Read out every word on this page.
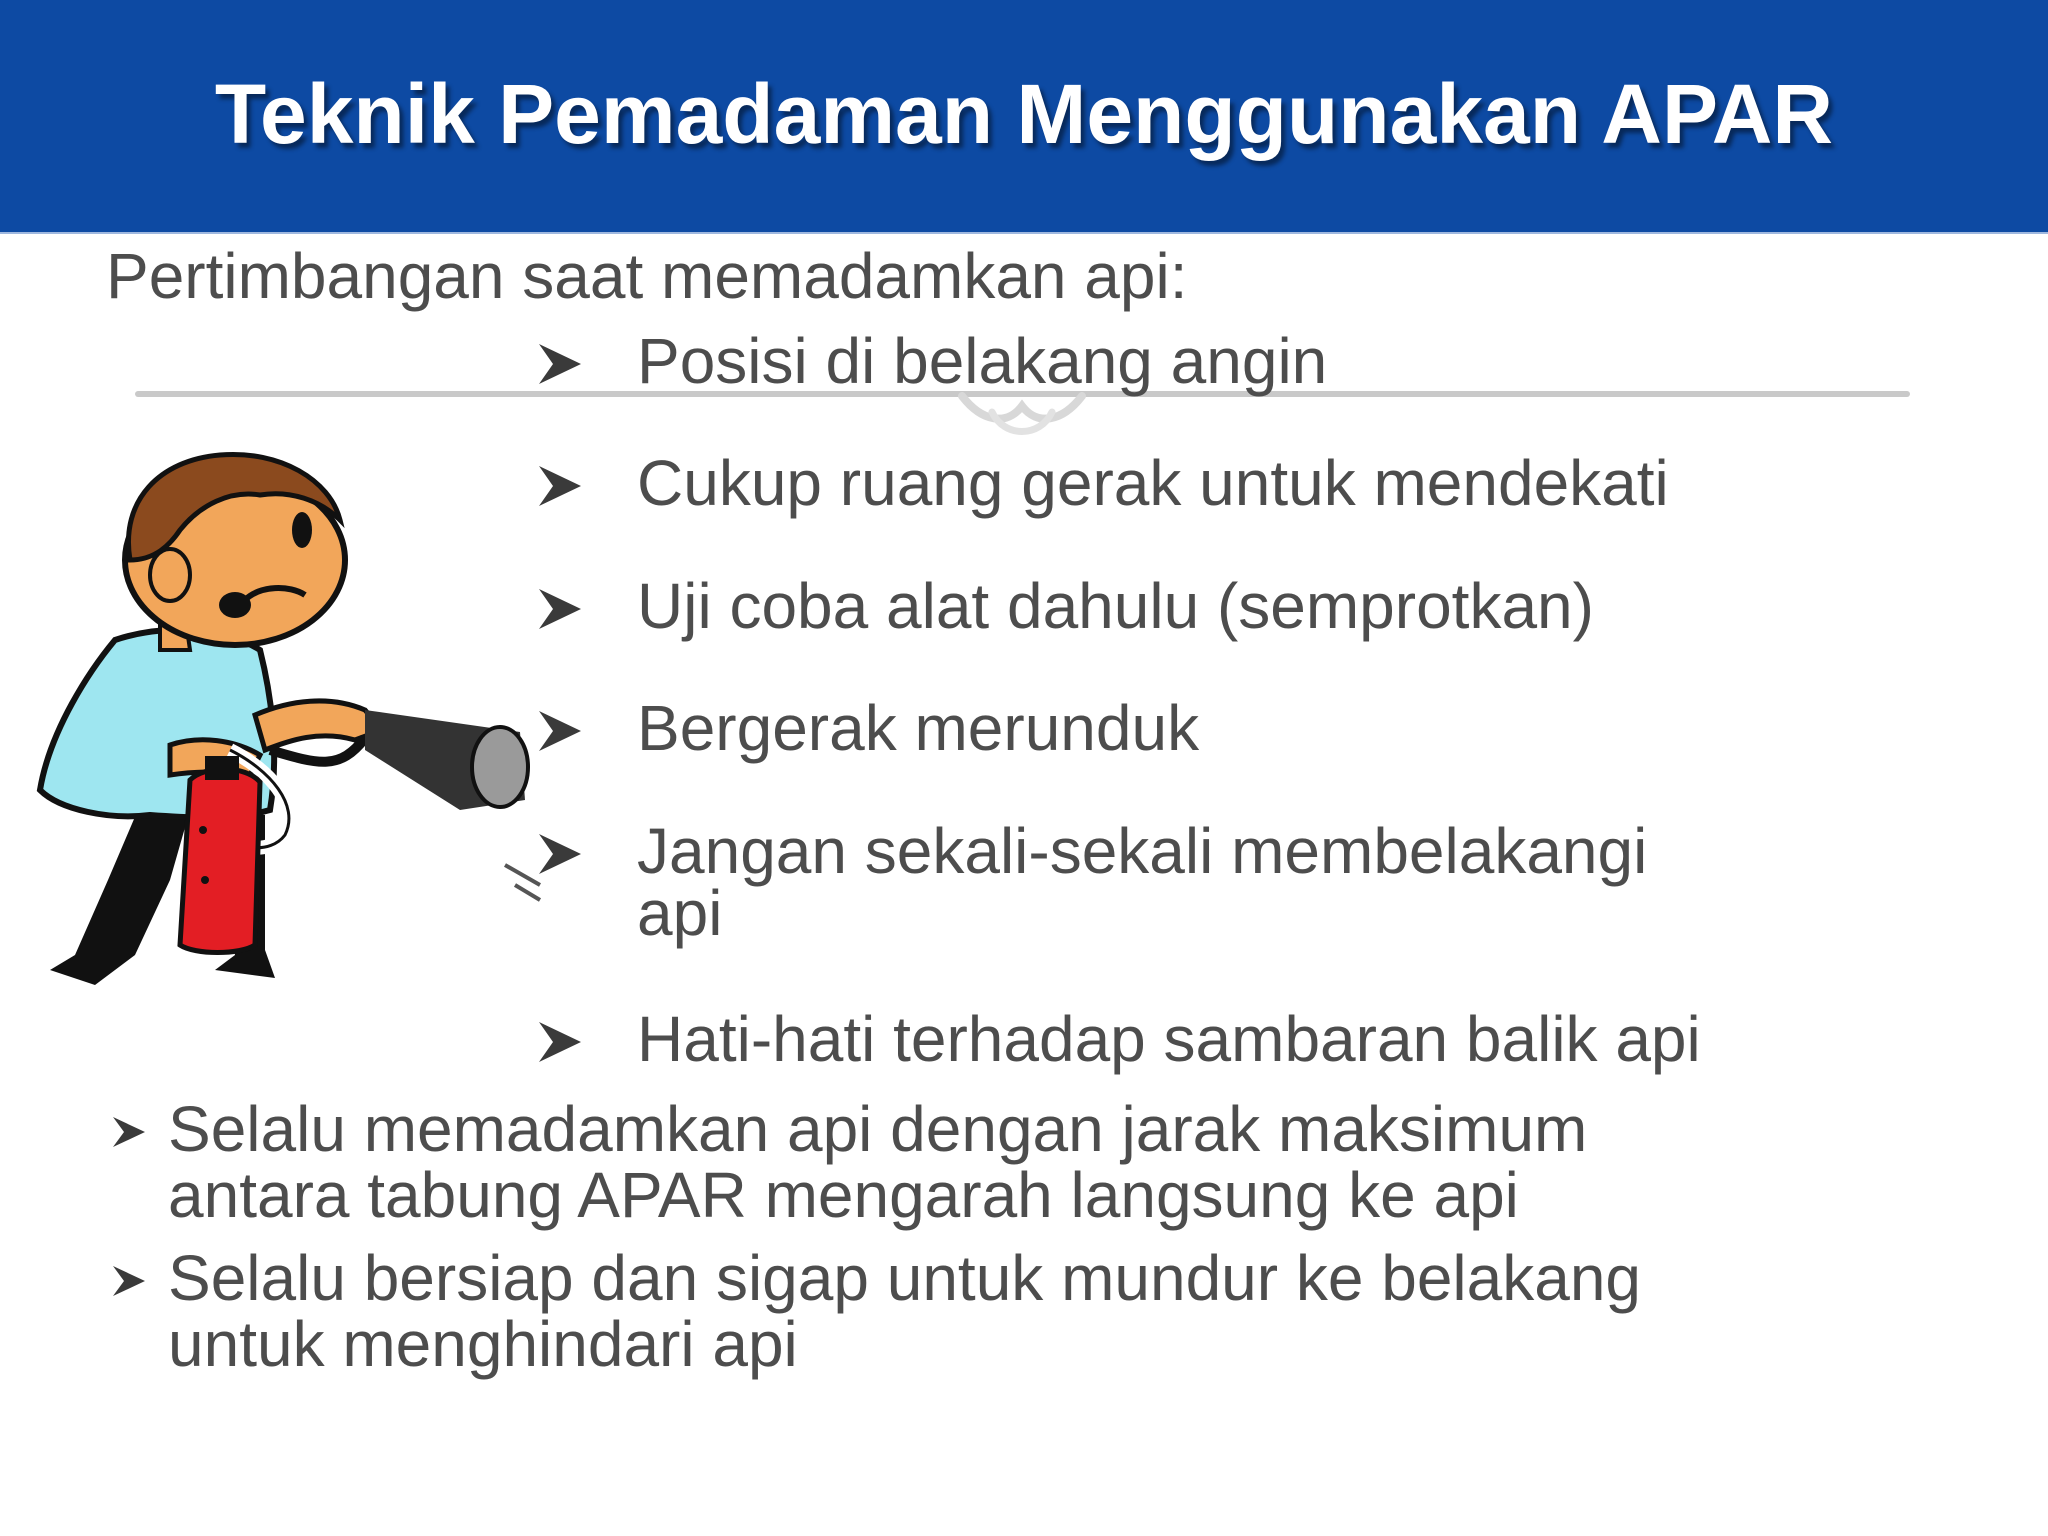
Teknik Pemadaman Menggunakan APAR
Pertimbangan saat memadamkan api:
Posisi di belakang angin
Cukup ruang gerak untuk mendekati
Uji coba alat dahulu (semprotkan)
Bergerak merunduk
Jangan sekali-sekali membelakangi api
Hati-hati terhadap sambaran balik api
Selalu memadamkan api dengan jarak maksimum antara tabung APAR mengarah langsung ke api
Selalu bersiap dan sigap untuk mundur ke belakang untuk menghindari api
